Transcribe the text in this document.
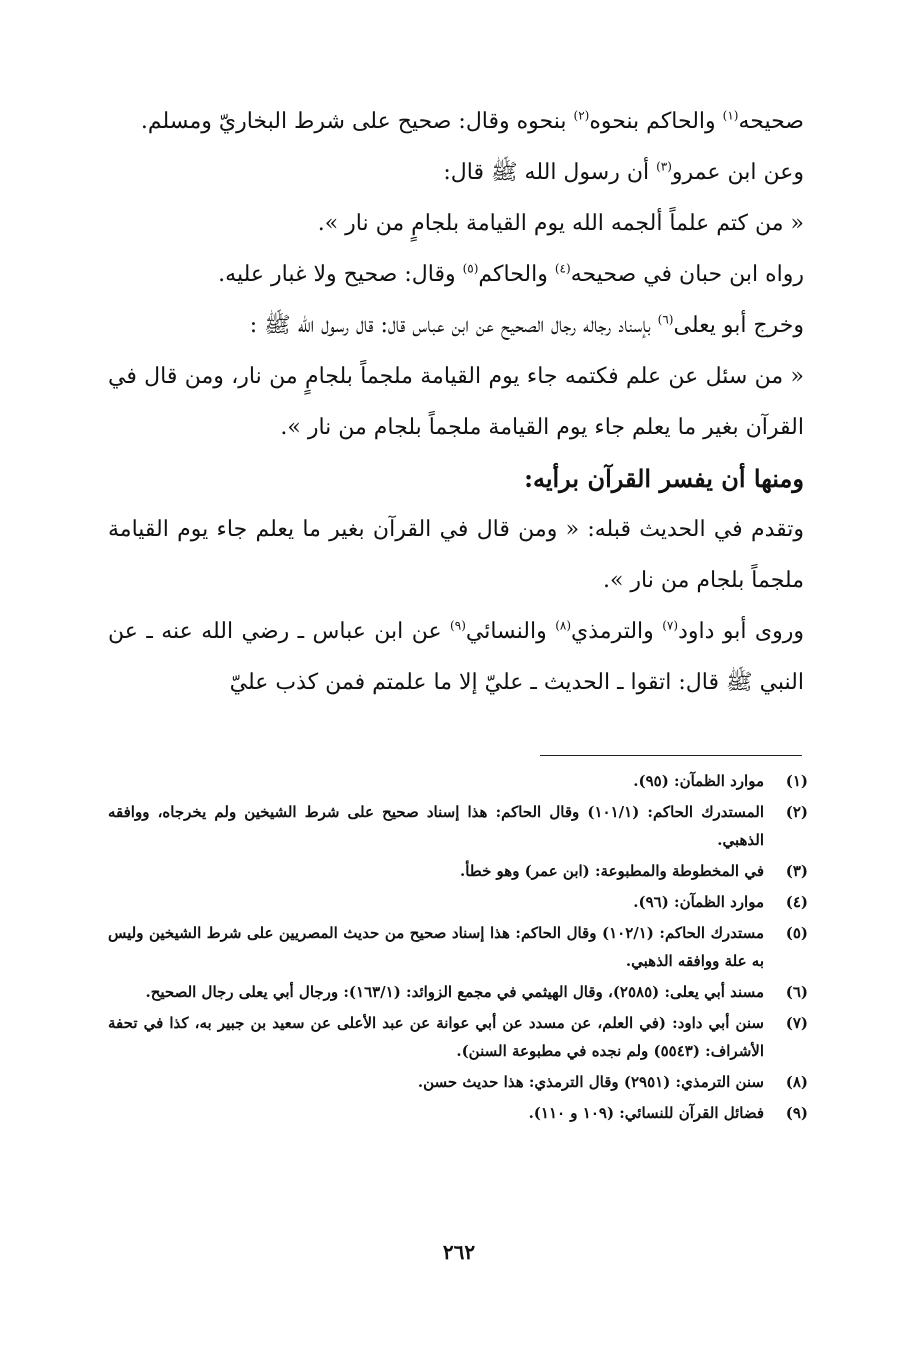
صحيحه$^{(١)}$ والحاكم بنحوه$^{(٢)}$ بنحوه وقال: صحيح على شرط البخاريّ ومسلم.

وعن ابن عمرو$^{(٣)}$ أن رسول الله ﷺ قال:

« من كتم علماً ألجمه الله يوم القيامة بلجامٍ من نار ».

رواه ابن حبان في صحيحه$^{(٤)}$ والحاكم$^{(٥)}$ وقال: صحيح ولا غبار عليه.

وخرج أبو يعلى$^{(٦)}$ بإسناد رجاله رجال الصحيح عن ابن عباس قال: قال رسول الله ﷺ :

« من سئل عن علم فكتمه جاء يوم القيامة ملجماً بلجامٍ من نار، ومن قال في القرآن بغير ما يعلم جاء يوم القيامة ملجماً بلجام من نار ».

ومنها أن يفسر القرآن برأيه:

وتقدم في الحديث قبله: « ومن قال في القرآن بغير ما يعلم جاء يوم القيامة ملجماً بلجام من نار ».

وروى أبو داود$^{(٧)}$ والترمذي$^{(٨)}$ والنسائي$^{(٩)}$ عن ابن عباس ـ رضي الله عنه ـ عن النبي ﷺ قال: اتقوا ـ الحديث ـ عليّ إلا ما علمتم فمن كذب عليّ

(١)
موارد الظمآن: (٩٥).
(٢)
المستدرك الحاكم: (١٠١/١) وقال الحاكم: هذا إسناد صحيح على شرط الشيخين ولم يخرجاه، ووافقه الذهبي.
(٣)
في المخطوطة والمطبوعة: (ابن عمر) وهو خطأ.
(٤)
موارد الظمآن: (٩٦).
(٥)
مستدرك الحاكم: (١٠٢/١) وقال الحاكم: هذا إسناد صحيح من حديث المصريين على شرط الشيخين وليس به علة ووافقه الذهبي.
(٦)
مسند أبي يعلى: (٢٥٨٥)، وقال الهيثمي في مجمع الزوائد: (١٦٣/١): ورجال أبي يعلى رجال الصحيح.
(٧)
سنن أبي داود: (في العلم، عن مسدد عن أبي عوانة عن عبد الأعلى عن سعيد بن جبير به، كذا في تحفة الأشراف: (٥٥٤٣) ولم نجده في مطبوعة السنن).
(٨)
سنن الترمذي: (٢٩٥١) وقال الترمذي: هذا حديث حسن.
(٩)
فضائل القرآن للنسائي: (١٠٩ و ١١٠).
٢٦٢
